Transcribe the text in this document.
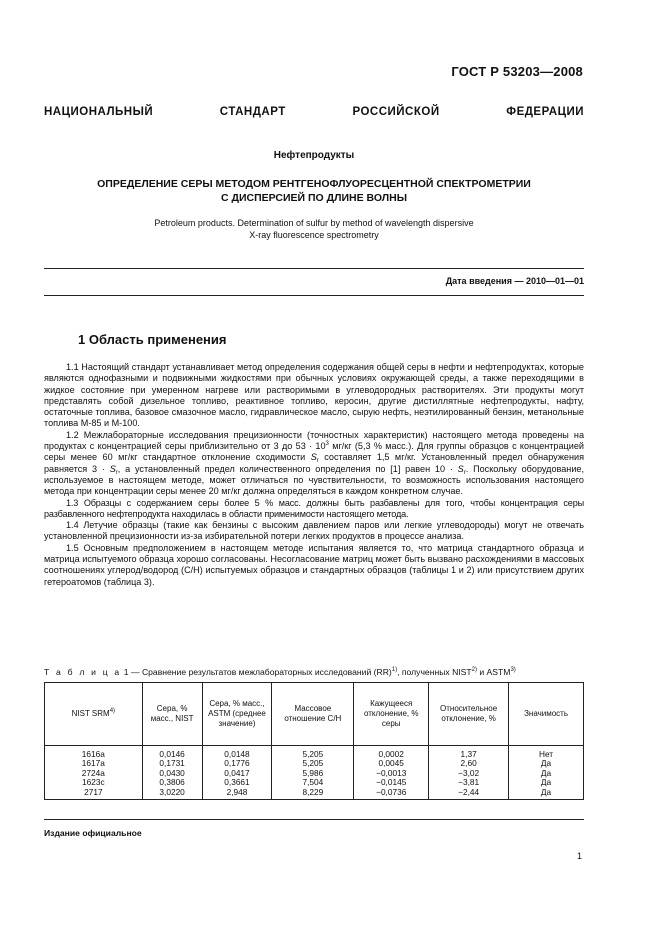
ГОСТ Р 53203—2008
НАЦИОНАЛЬНЫЙ СТАНДАРТ РОССИЙСКОЙ ФЕДЕРАЦИИ
Нефтепродукты
ОПРЕДЕЛЕНИЕ СЕРЫ МЕТОДОМ РЕНТГЕНОФЛУОРЕСЦЕНТНОЙ СПЕКТРОМЕТРИИ
С ДИСПЕРСИЕЙ ПО ДЛИНЕ ВОЛНЫ
Petroleum products. Determination of sulfur by method of wavelength dispersive
X-ray fluorescence spectrometry
Дата введения — 2010—01—01
1 Область применения

1.1 Настоящий стандарт устанавливает метод определения содержания общей серы в нефти и нефтепродуктах, которые являются однофазными и подвижными жидкостями при обычных условиях окружающей среды, а также переходящими в жидкое состояние при умеренном нагреве или растворимыми в углеводородных растворителях. Эти продукты могут представлять собой дизельное топливо, реактивное топливо, керосин, другие дистиллятные нефтепродукты, нафту, остаточные топлива, базовое смазочное масло, гидравлическое масло, сырую нефть, неэтилированный бензин, метанольные топлива М-85 и М-100.

1.2 Межлабораторные исследования прецизионности (точностных характеристик) настоящего метода проведены на продуктах с концентрацией серы приблизительно от 3 до $53 \cdot 10^3$ мг/кг (5,3 % масс.). Для группы образцов с концентрацией серы менее 60 мг/кг стандартное отклонение сходимости $S_r$ составляет 1,5 мг/кг. Установленный предел обнаружения равняется $3 \cdot S_r$, а установленный предел количественного определения по [1] равен $10 \cdot S_r$. Поскольку оборудование, используемое в настоящем методе, может отличаться по чувствительности, то возможность использования настоящего метода при концентрации серы менее 20 мг/кг должна определяться в каждом конкретном случае.

1.3 Образцы с содержанием серы более 5 % масс. должны быть разбавлены для того, чтобы концентрация серы разбавленного нефтепродукта находилась в области применимости настоящего метода.

1.4 Летучие образцы (такие как бензины с высоким давлением паров или легкие углеводороды) могут не отвечать установленной прецизионности из-за избирательной потери легких продуктов в процессе анализа.

1.5 Основным предположением в настоящем методе испытания является то, что матрица стандартного образца и матрица испытуемого образца хорошо согласованы. Несогласование матриц может быть вызвано расхождениями в массовых соотношениях углерод/водород (С/Н) испытуемых образцов и стандартных образцов (таблицы 1 и 2) или присутствием других гетероатомов (таблица 3).

Т а б л и ц а 1 — Сравнение результатов межлабораторных исследований (RR)$^{1)}$, полученных NIST$^{2)}$ и ASTM$^{3)}$
NIST SRM$^{4)}$	Сера, % масс., NIST	Сера, % масс., ASTM (среднее значение)	Массовое отношение С/Н	Кажущееся отклонение, % серы	Относительное отклонение, %	Значимость
1616a	0,0146	0,0148	5,205	0,0002	1,37	Нет
1617a	0,1731	0,1776	5,205	0,0045	2,60	Да
2724a	0,0430	0,0417	5,986	−0,0013	−3,02	Да
1623c	0,3806	0,3661	7,504	−0,0145	−3,81	Да
2717	3,0220	2,948	8,229	−0,0736	−2,44	Да
Издание официальное
1
